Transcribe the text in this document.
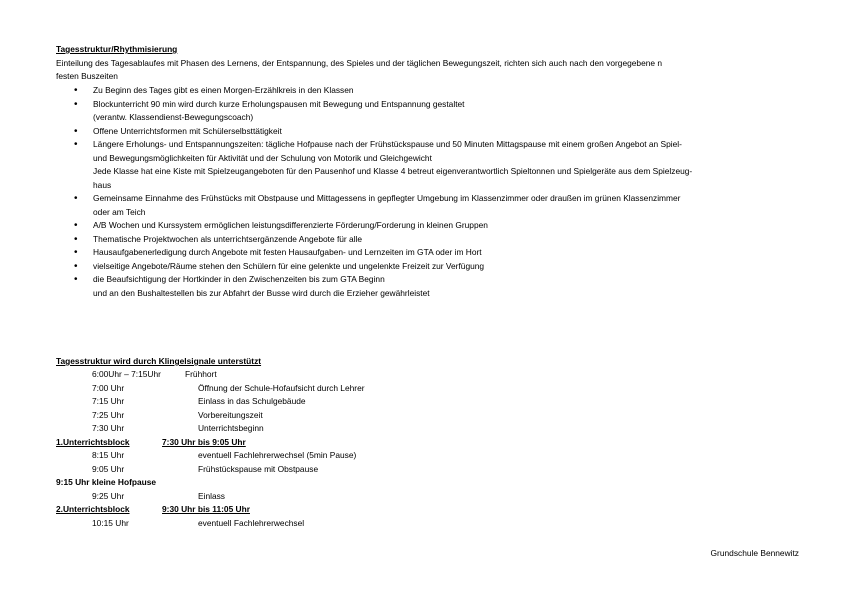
Tagesstruktur/Rhythmisierung
Einteilung des Tagesablaufes mit Phasen des Lernens, der Entspannung, des Spieles und der täglichen Bewegungszeit, richten sich auch nach den vorgegebene n
festen Buszeiten
• Zu Beginn des Tages gibt es einen Morgen-Erzählkreis in den Klassen
• Blockunterricht 90 min wird durch kurze Erholungspausen mit Bewegung und Entspannung gestaltet
(verantw. Klassendienst-Bewegungscoach)
• Offene Unterrichtsformen mit Schülerselbsttätigkeit
• Längere Erholungs- und Entspannungszeiten: tägliche Hofpause nach der Frühstückspause und 50 Minuten Mittagspause mit einem großen Angebot an Spiel-
und Bewegungsmöglichkeiten für Aktivität und der Schulung von Motorik und Gleichgewicht
Jede Klasse hat eine Kiste mit Spielzeugangeboten für den Pausenhof und Klasse 4 betreut eigenverantwortlich Spieltonnen und Spielgeräte aus dem Spielzeug-
haus
• Gemeinsame Einnahme des Frühstücks mit Obstpause und Mittagessens in gepflegter Umgebung im Klassenzimmer oder draußen im grünen Klassenzimmer
oder am Teich
• A/B Wochen und Kurssystem ermöglichen leistungsdifferenzierte Förderung/Forderung in kleinen Gruppen
• Thematische Projektwochen als unterrichtsergänzende Angebote für alle
• Hausaufgabenerledigung durch Angebote mit festen Hausaufgaben- und Lernzeiten im GTA oder im Hort
• vielseitige Angebote/Räume stehen den Schülern für eine gelenkte und ungelenkte Freizeit zur Verfügung
• die Beaufsichtigung der Hortkinder in den Zwischenzeiten bis zum GTA Beginn
und an den Bushaltestellen bis zur Abfahrt der Busse wird durch die Erzieher gewährleistet
Tagesstruktur wird durch Klingelsignale unterstützt
6:00Uhr – 7:15Uhr	Frühhort
7:00 Uhr	Öffnung der Schule-Hofaufsicht durch Lehrer
7:15 Uhr	Einlass in das Schulgebäude
7:25 Uhr	Vorbereitungszeit
7:30 Uhr	Unterrichtsbeginn
1.Unterrichtsblock	7:30 Uhr bis 9:05 Uhr
8:15 Uhr	eventuell Fachlehrerwechsel (5min Pause)
9:05 Uhr	Frühstückspause mit Obstpause
9:15 Uhr kleine Hofpause
9:25 Uhr	Einlass
2.Unterrichtsblock	9:30 Uhr bis 11:05 Uhr
10:15 Uhr	eventuell Fachlehrerwechsel
Grundschule Bennewitz
